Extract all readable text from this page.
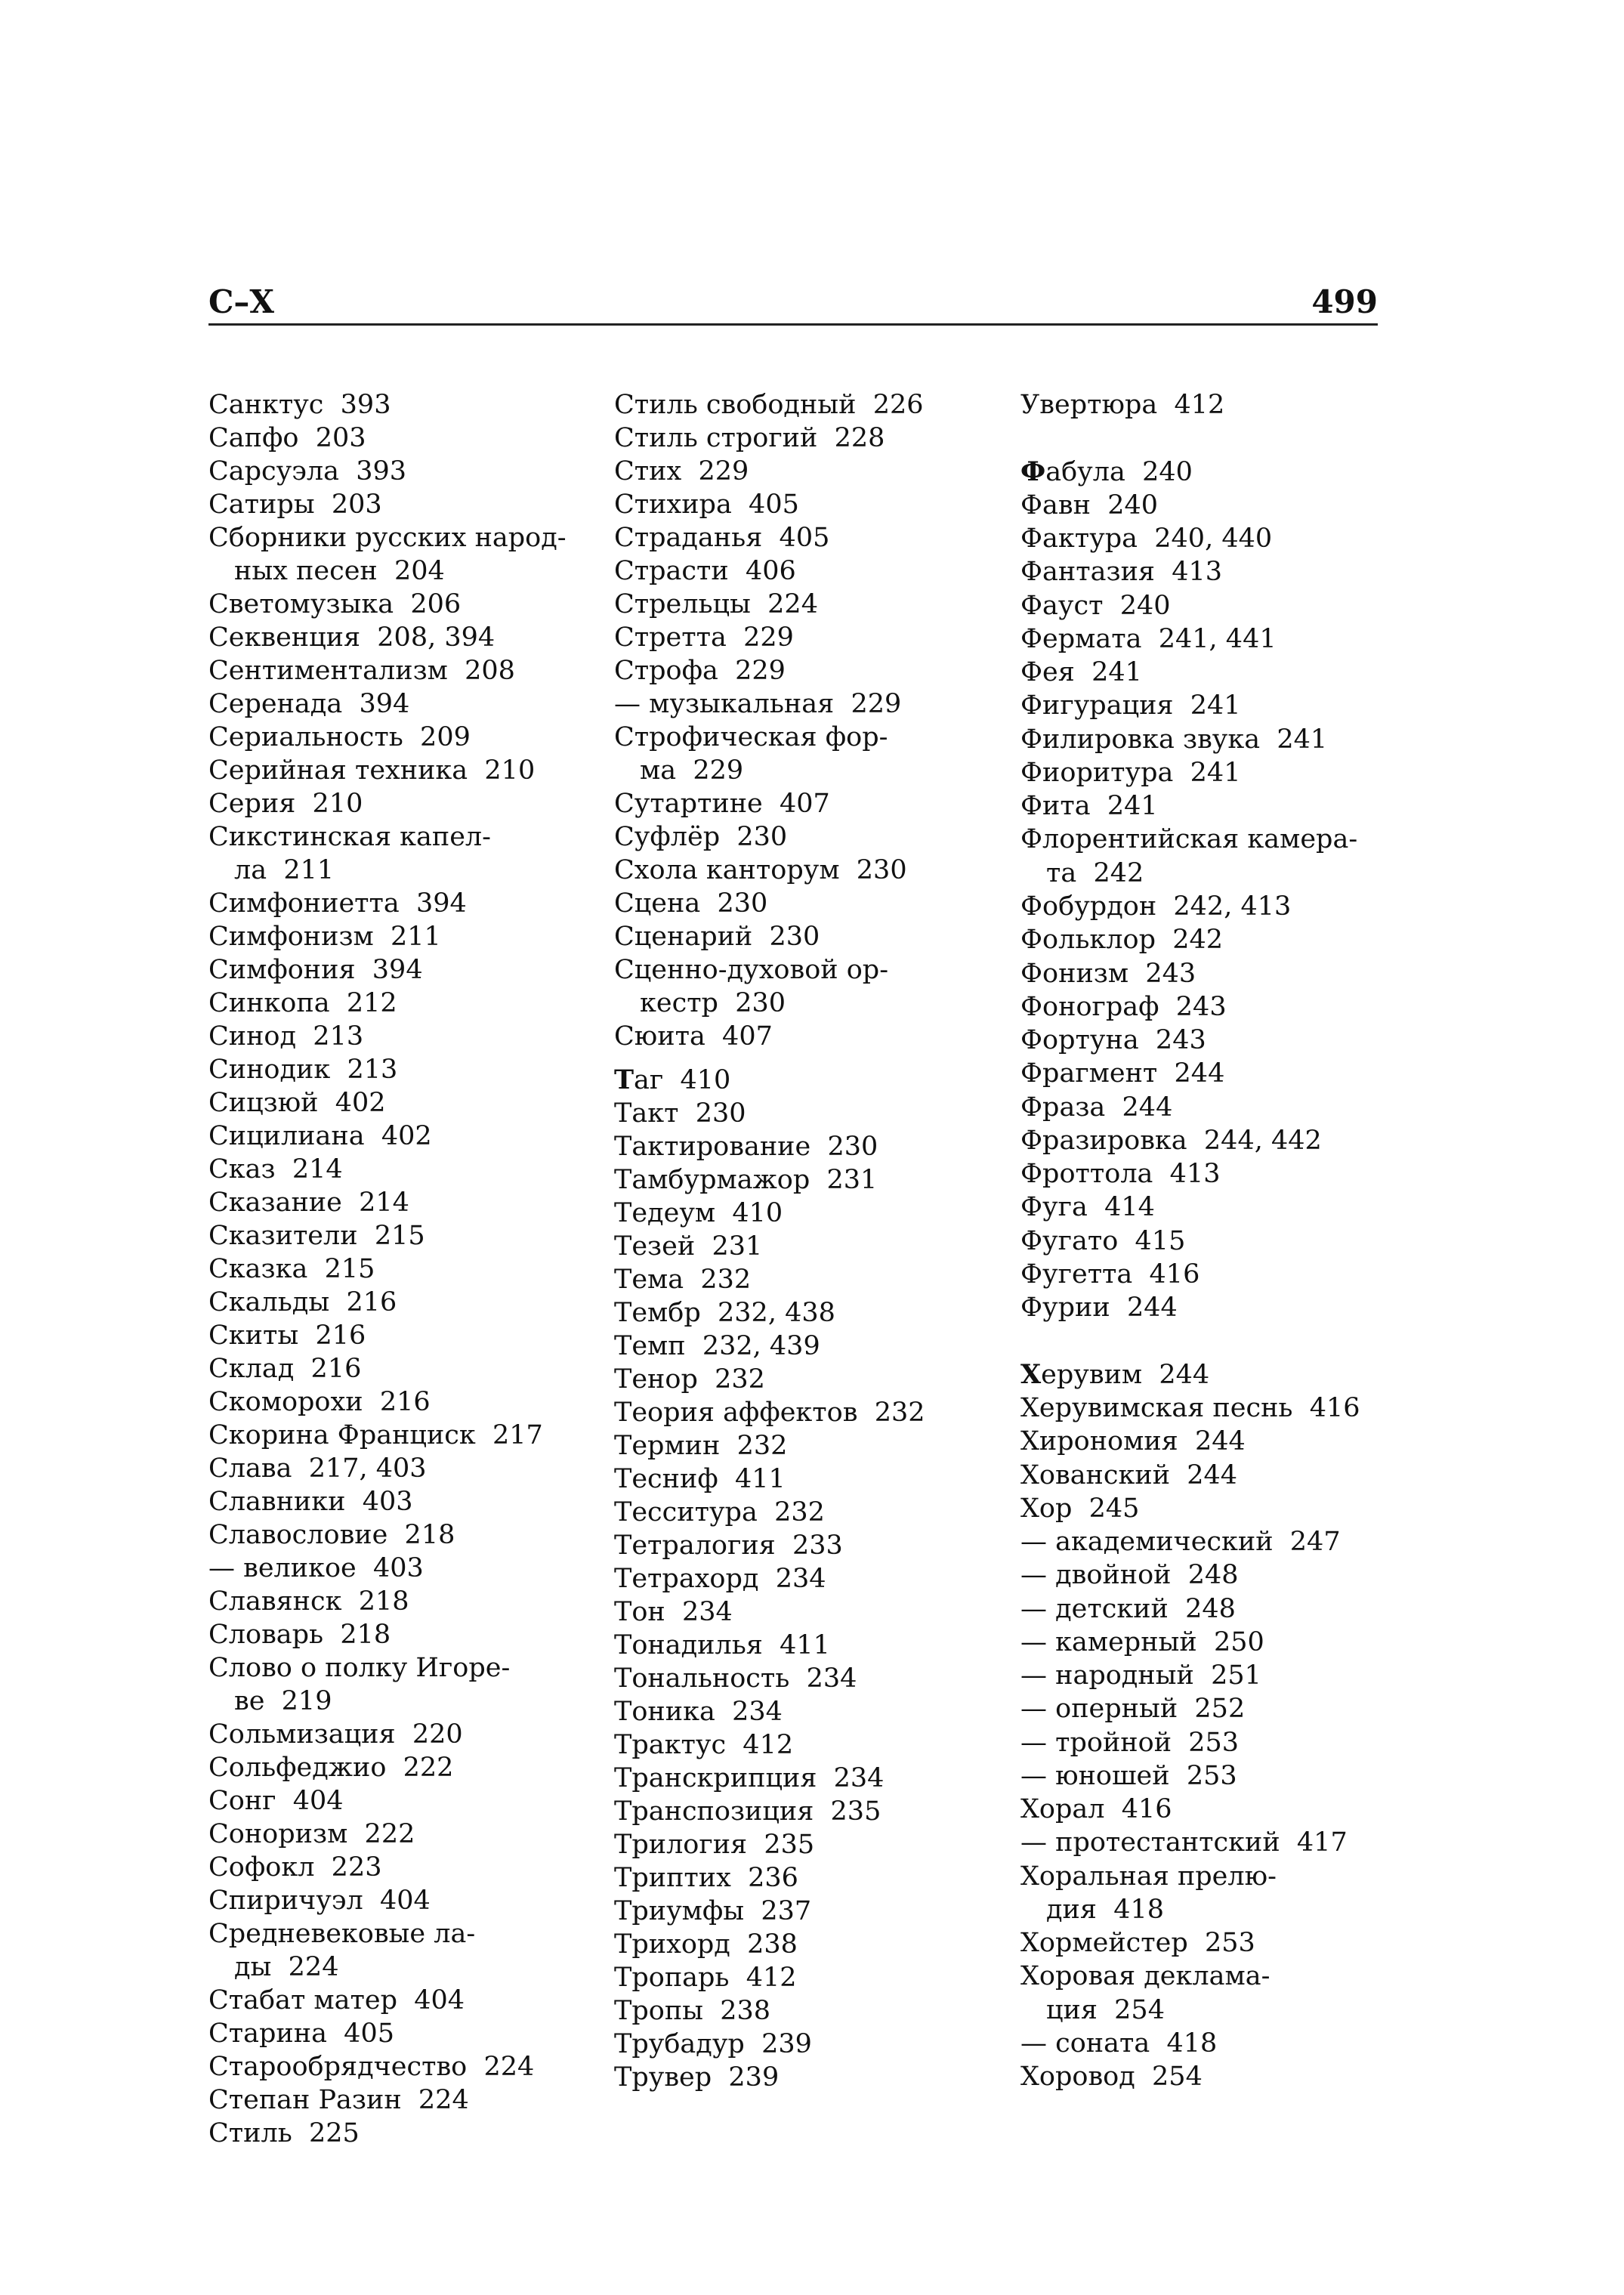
С–Х	499
Санктус  393
Сапфо  203
Сарсуэла  393
Сатиры  203
Сборники русских народ-
ных песен  204
Светомузыка  206
Секвенция  208, 394
Сентиментализм  208
Серенада  394
Сериальность  209
Серийная техника  210
Серия  210
Сикстинская капел-
ла  211
Симфониетта  394
Симфонизм  211
Симфония  394
Синкопа  212
Синод  213
Синодик  213
Сицзюй  402
Сицилиана  402
Сказ  214
Сказание  214
Сказители  215
Сказка  215
Скальды  216
Скиты  216
Склад  216
Скоморохи  216
Скорина Франциск  217
Слава  217, 403
Славники  403
Славословие  218
— великое  403
Славянск  218
Словарь  218
Слово о полку Игоре-
ве  219
Сольмизация  220
Сольфеджио  222
Сонг  404
Сонoризм  222
Софокл  223
Спиричуэл  404
Средневековые ла-
ды  224
Стабат матер  404
Старина  405
Старообрядчество  224
Степан Разин  224
Стиль  225
Стиль свободный  226
Стиль строгий  228
Стих  229
Стихира  405
Страданья  405
Страсти  406
Стрельцы  224
Стретта  229
Строфа  229
— музыкальная  229
Строфическая фор-
ма  229
Сутартине  407
Суфлёр  230
Схола канторум  230
Сцена  230
Сценарий  230
Сценно-духовой ор-
кестр  230
Сюита  407
Таг  410
Такт  230
Тактирование  230
Тамбурмажор  231
Тедеум  410
Тезей  231
Тема  232
Тембр  232, 438
Темп  232, 439
Тенор  232
Теория аффектов  232
Термин  232
Тесниф  411
Тесситура  232
Тетралогия  233
Тетрахорд  234
Тон  234
Тонадилья  411
Тональность  234
Тоника  234
Трактус  412
Транскрипция  234
Транспозиция  235
Трилогия  235
Триптих  236
Триумфы  237
Трихорд  238
Тропарь  412
Тропы  238
Трубадур  239
Трувер  239
Увертюра  412
Фабула  240
Фавн  240
Фактура  240, 440
Фантазия  413
Фауст  240
Фермата  241, 441
Фея  241
Фигурация  241
Филировка звука  241
Фиоритура  241
Фита  241
Флорентийская камера-
та  242
Фобурдон  242, 413
Фольклор  242
Фонизм  243
Фонограф  243
Фортуна  243
Фрагмент  244
Фраза  244
Фразировка  244, 442
Фроттола  413
Фуга  414
Фугато  415
Фугетта  416
Фурии  244
Херувим  244
Херувимская песнь  416
Хирономия  244
Хованский  244
Хор  245
— академический  247
— двойной  248
— детский  248
— камерный  250
— народный  251
— оперный  252
— тройной  253
— юношей  253
Хорал  416
— протестантский  417
Хоральная прелю-
дия  418
Хормейстер  253
Хоровая деклама-
ция  254
— соната  418
Хоровод  254
